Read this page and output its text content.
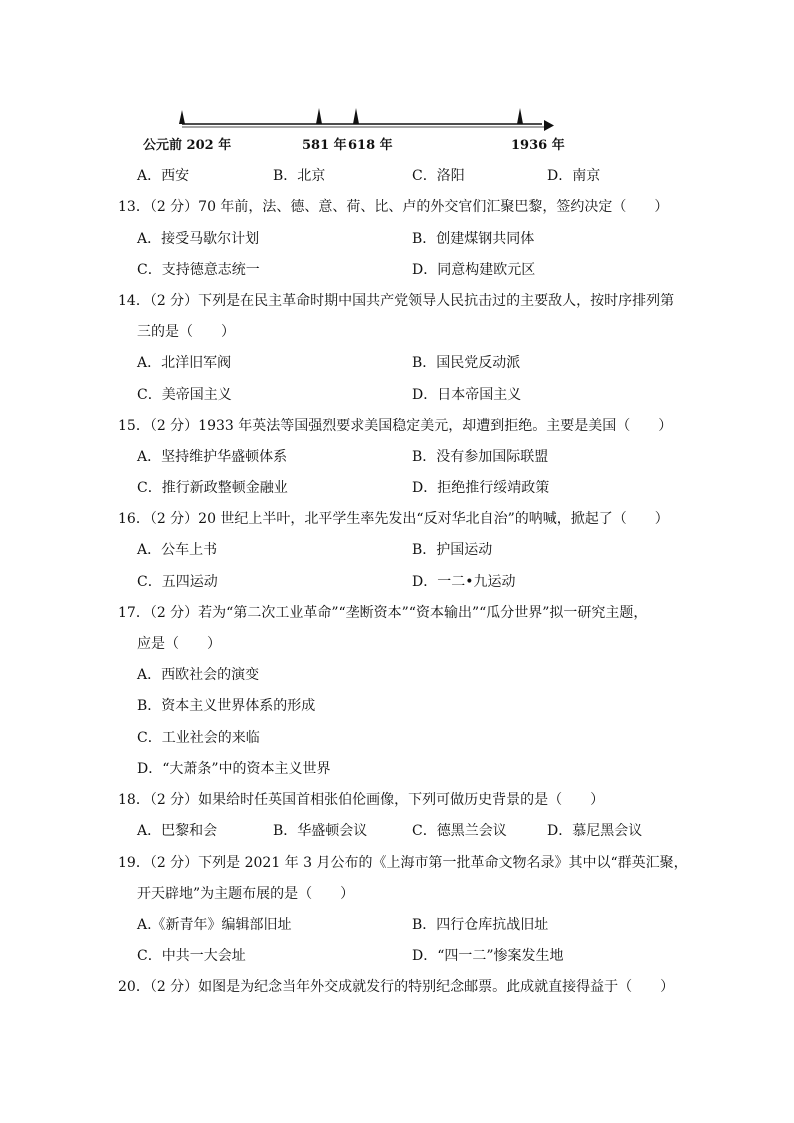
公元前 202 年	581 年 618 年	1936 年
A．西安	B．北京	C．洛阳	D．南京
13．（2 分）70 年前，法、德、意、荷、比、卢的外交官们汇聚巴黎，签约决定（　　）
A．接受马歇尔计划	B．创建煤钢共同体
C．支持德意志统一	D．同意构建欧元区
14．（2 分）下列是在民主革命时期中国共产党领导人民抗击过的主要敌人，按时序排列第
三的是（　　）
A．北洋旧军阀	B．国民党反动派
C．美帝国主义	D．日本帝国主义
15．（2 分）1933 年英法等国强烈要求美国稳定美元，却遭到拒绝。主要是美国（　　）
A．坚持维护华盛顿体系	B．没有参加国际联盟
C．推行新政整顿金融业	D．拒绝推行绥靖政策
16．（2 分）20 世纪上半叶，北平学生率先发出“反对华北自治”的呐喊，掀起了（　　）
A．公车上书	B．护国运动
C．五四运动	D．一二•九运动
17．（2 分）若为“第二次工业革命”“垄断资本”“资本输出”“瓜分世界”拟一研究主题，
应是（　　）
A．西欧社会的演变
B．资本主义世界体系的形成
C．工业社会的来临
D．“大萧条”中的资本主义世界
18．（2 分）如果给时任英国首相张伯伦画像，下列可做历史背景的是（　　）
A．巴黎和会	B．华盛顿会议	C．德黑兰会议	D．慕尼黑会议
19．（2 分）下列是 2021 年 3 月公布的《上海市第一批革命文物名录》其中以“群英汇聚，
开天辟地”为主题布展的是（　　）
A.《新青年》编辑部旧址	B．四行仓库抗战旧址
C．中共一大会址	D．“四一二”惨案发生地
20．（2 分）如图是为纪念当年外交成就发行的特别纪念邮票。此成就直接得益于（　　）
